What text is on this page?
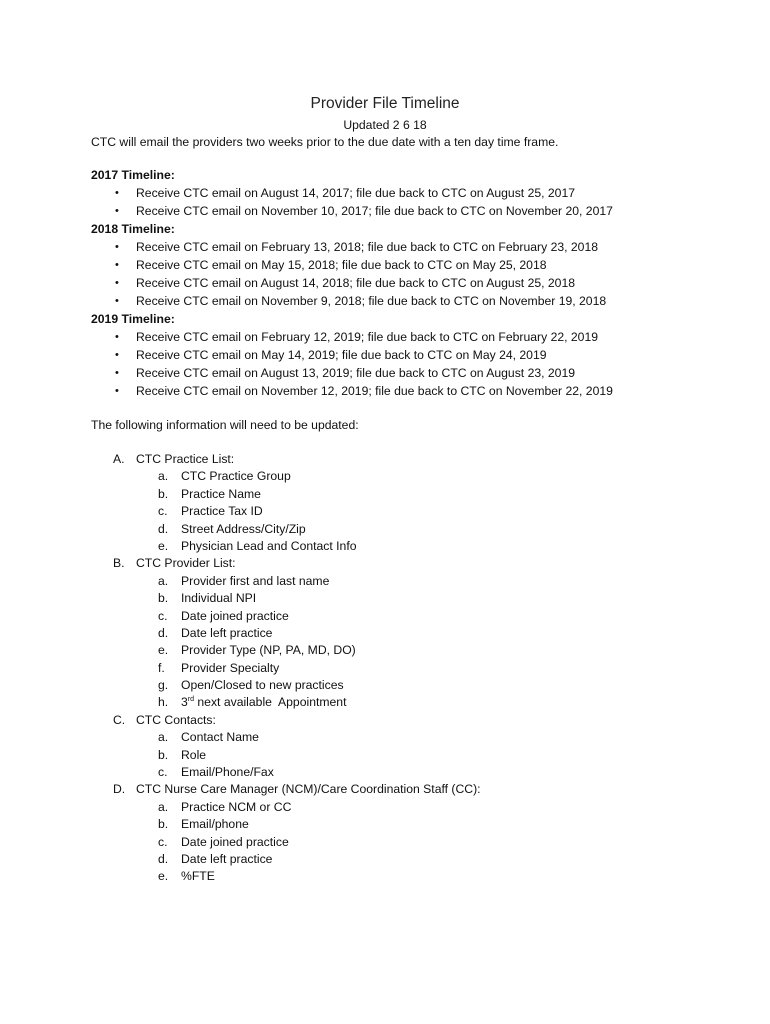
Provider File Timeline
Updated 2 6 18
CTC will email the providers two weeks prior to the due date with a ten day time frame.
2017 Timeline:
• Receive CTC email on August 14, 2017; file due back to CTC on August 25, 2017
• Receive CTC email on November 10, 2017; file due back to CTC on November 20, 2017
2018 Timeline:
• Receive CTC email on February 13, 2018; file due back to CTC on February 23, 2018
• Receive CTC email on May 15, 2018; file due back to CTC on May 25, 2018
• Receive CTC email on August 14, 2018; file due back to CTC on August 25, 2018
• Receive CTC email on November 9, 2018; file due back to CTC on November 19, 2018
2019 Timeline:
• Receive CTC email on February 12, 2019; file due back to CTC on February 22, 2019
• Receive CTC email on May 14, 2019; file due back to CTC on May 24, 2019
• Receive CTC email on August 13, 2019; file due back to CTC on August 23, 2019
• Receive CTC email on November 12, 2019; file due back to CTC on November 22, 2019
The following information will need to be updated:
A. CTC Practice List:
a.	CTC Practice Group
b.	Practice Name
c.	Practice Tax ID
d.	Street Address/City/Zip
e.	Physician Lead and Contact Info
B. CTC Provider List:
a.	Provider first and last name
b.	Individual NPI
c.	Date joined practice
d.	Date left practice
e.	Provider Type (NP, PA, MD, DO)
f.	Provider Specialty
g.	Open/Closed to new practices
h.	3rd next available  Appointment
C. CTC Contacts:
a.	Contact Name
b.	Role
c.	Email/Phone/Fax
D. CTC Nurse Care Manager (NCM)/Care Coordination Staff (CC):
a.	Practice NCM or CC
b.	Email/phone
c.	Date joined practice
d.	Date left practice
e.	%FTE
